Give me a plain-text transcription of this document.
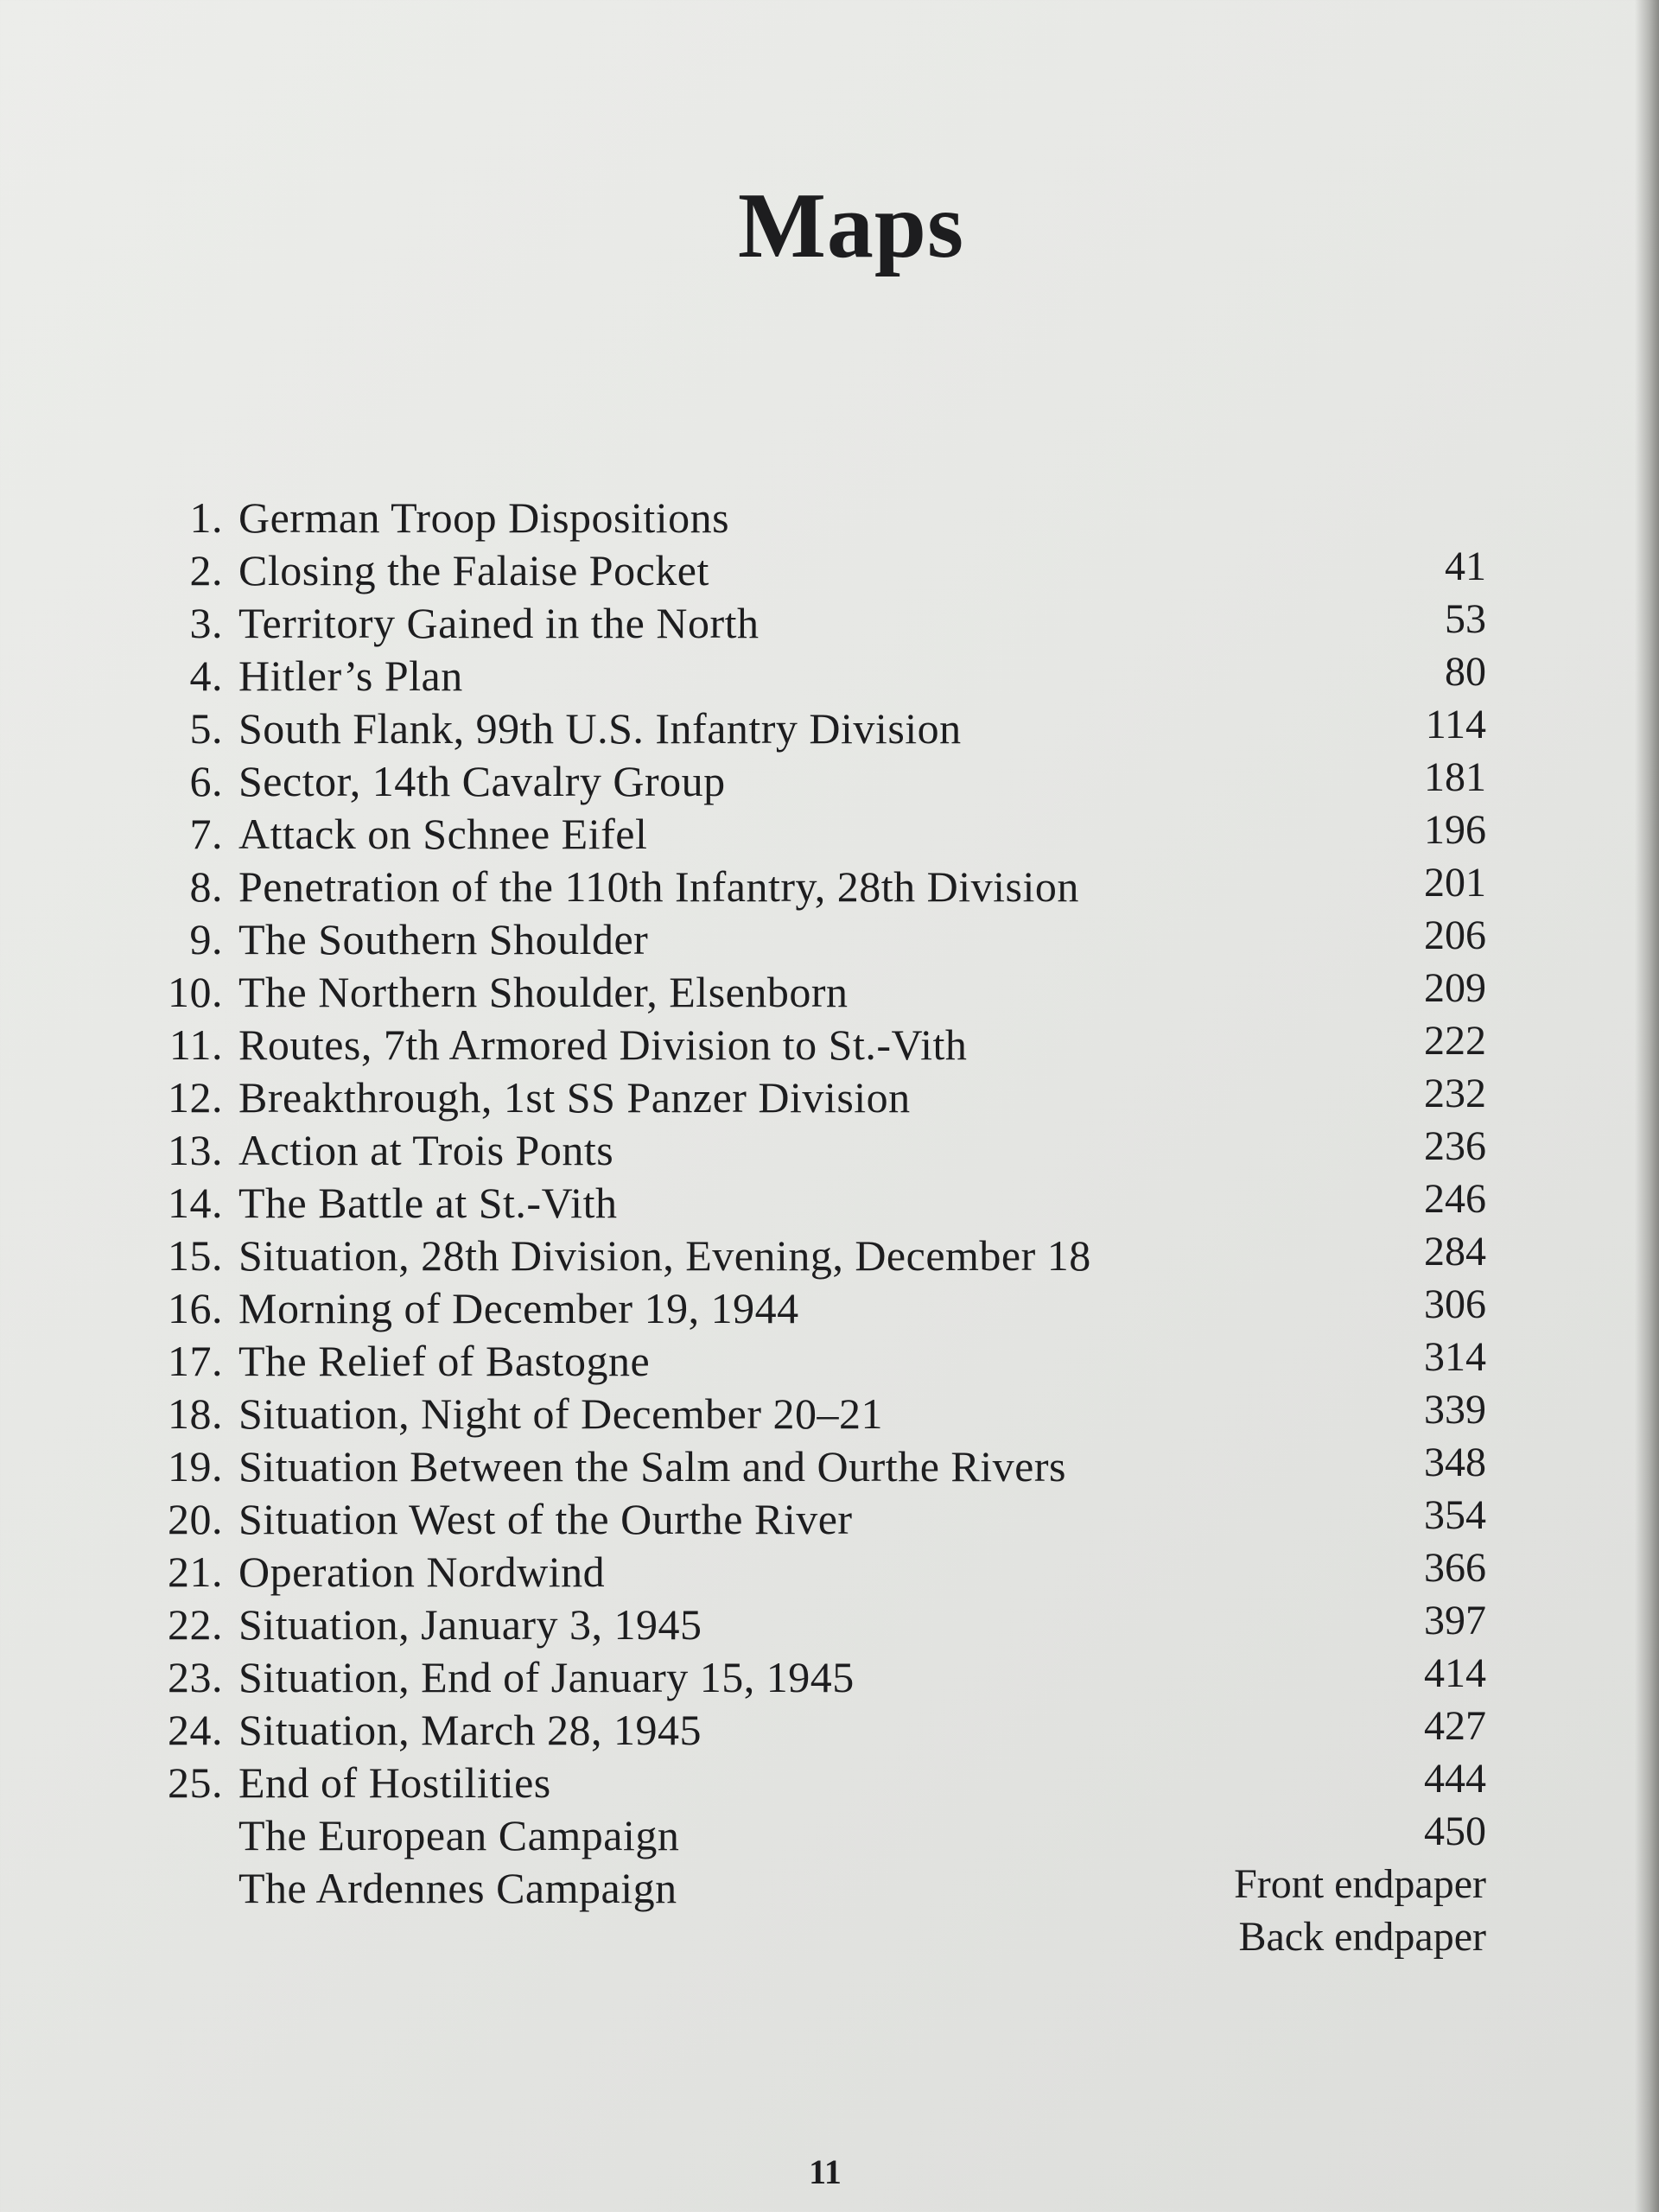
Maps
1. German Troop Dispositions
2. Closing the Falaise Pocket
3. Territory Gained in the North
4. Hitler’s Plan
5. South Flank, 99th U.S. Infantry Division
6. Sector, 14th Cavalry Group
7. Attack on Schnee Eifel
8. Penetration of the 110th Infantry, 28th Division
9. The Southern Shoulder
10. The Northern Shoulder, Elsenborn
11. Routes, 7th Armored Division to St.-Vith
12. Breakthrough, 1st SS Panzer Division
13. Action at Trois Ponts
14. The Battle at St.-Vith
15. Situation, 28th Division, Evening, December 18
16. Morning of December 19, 1944
17. The Relief of Bastogne
18. Situation, Night of December 20–21
19. Situation Between the Salm and Ourthe Rivers
20. Situation West of the Ourthe River
21. Operation Nordwind
22. Situation, January 3, 1945
23. Situation, End of January 15, 1945
24. Situation, March 28, 1945
25. End of Hostilities
The European Campaign
The Ardennes Campaign
41
53
80
114
181
196
201
206
209
222
232
236
246
284
306
314
339
348
354
366
397
414
427
444
450
Front endpaper
Back endpaper
11
